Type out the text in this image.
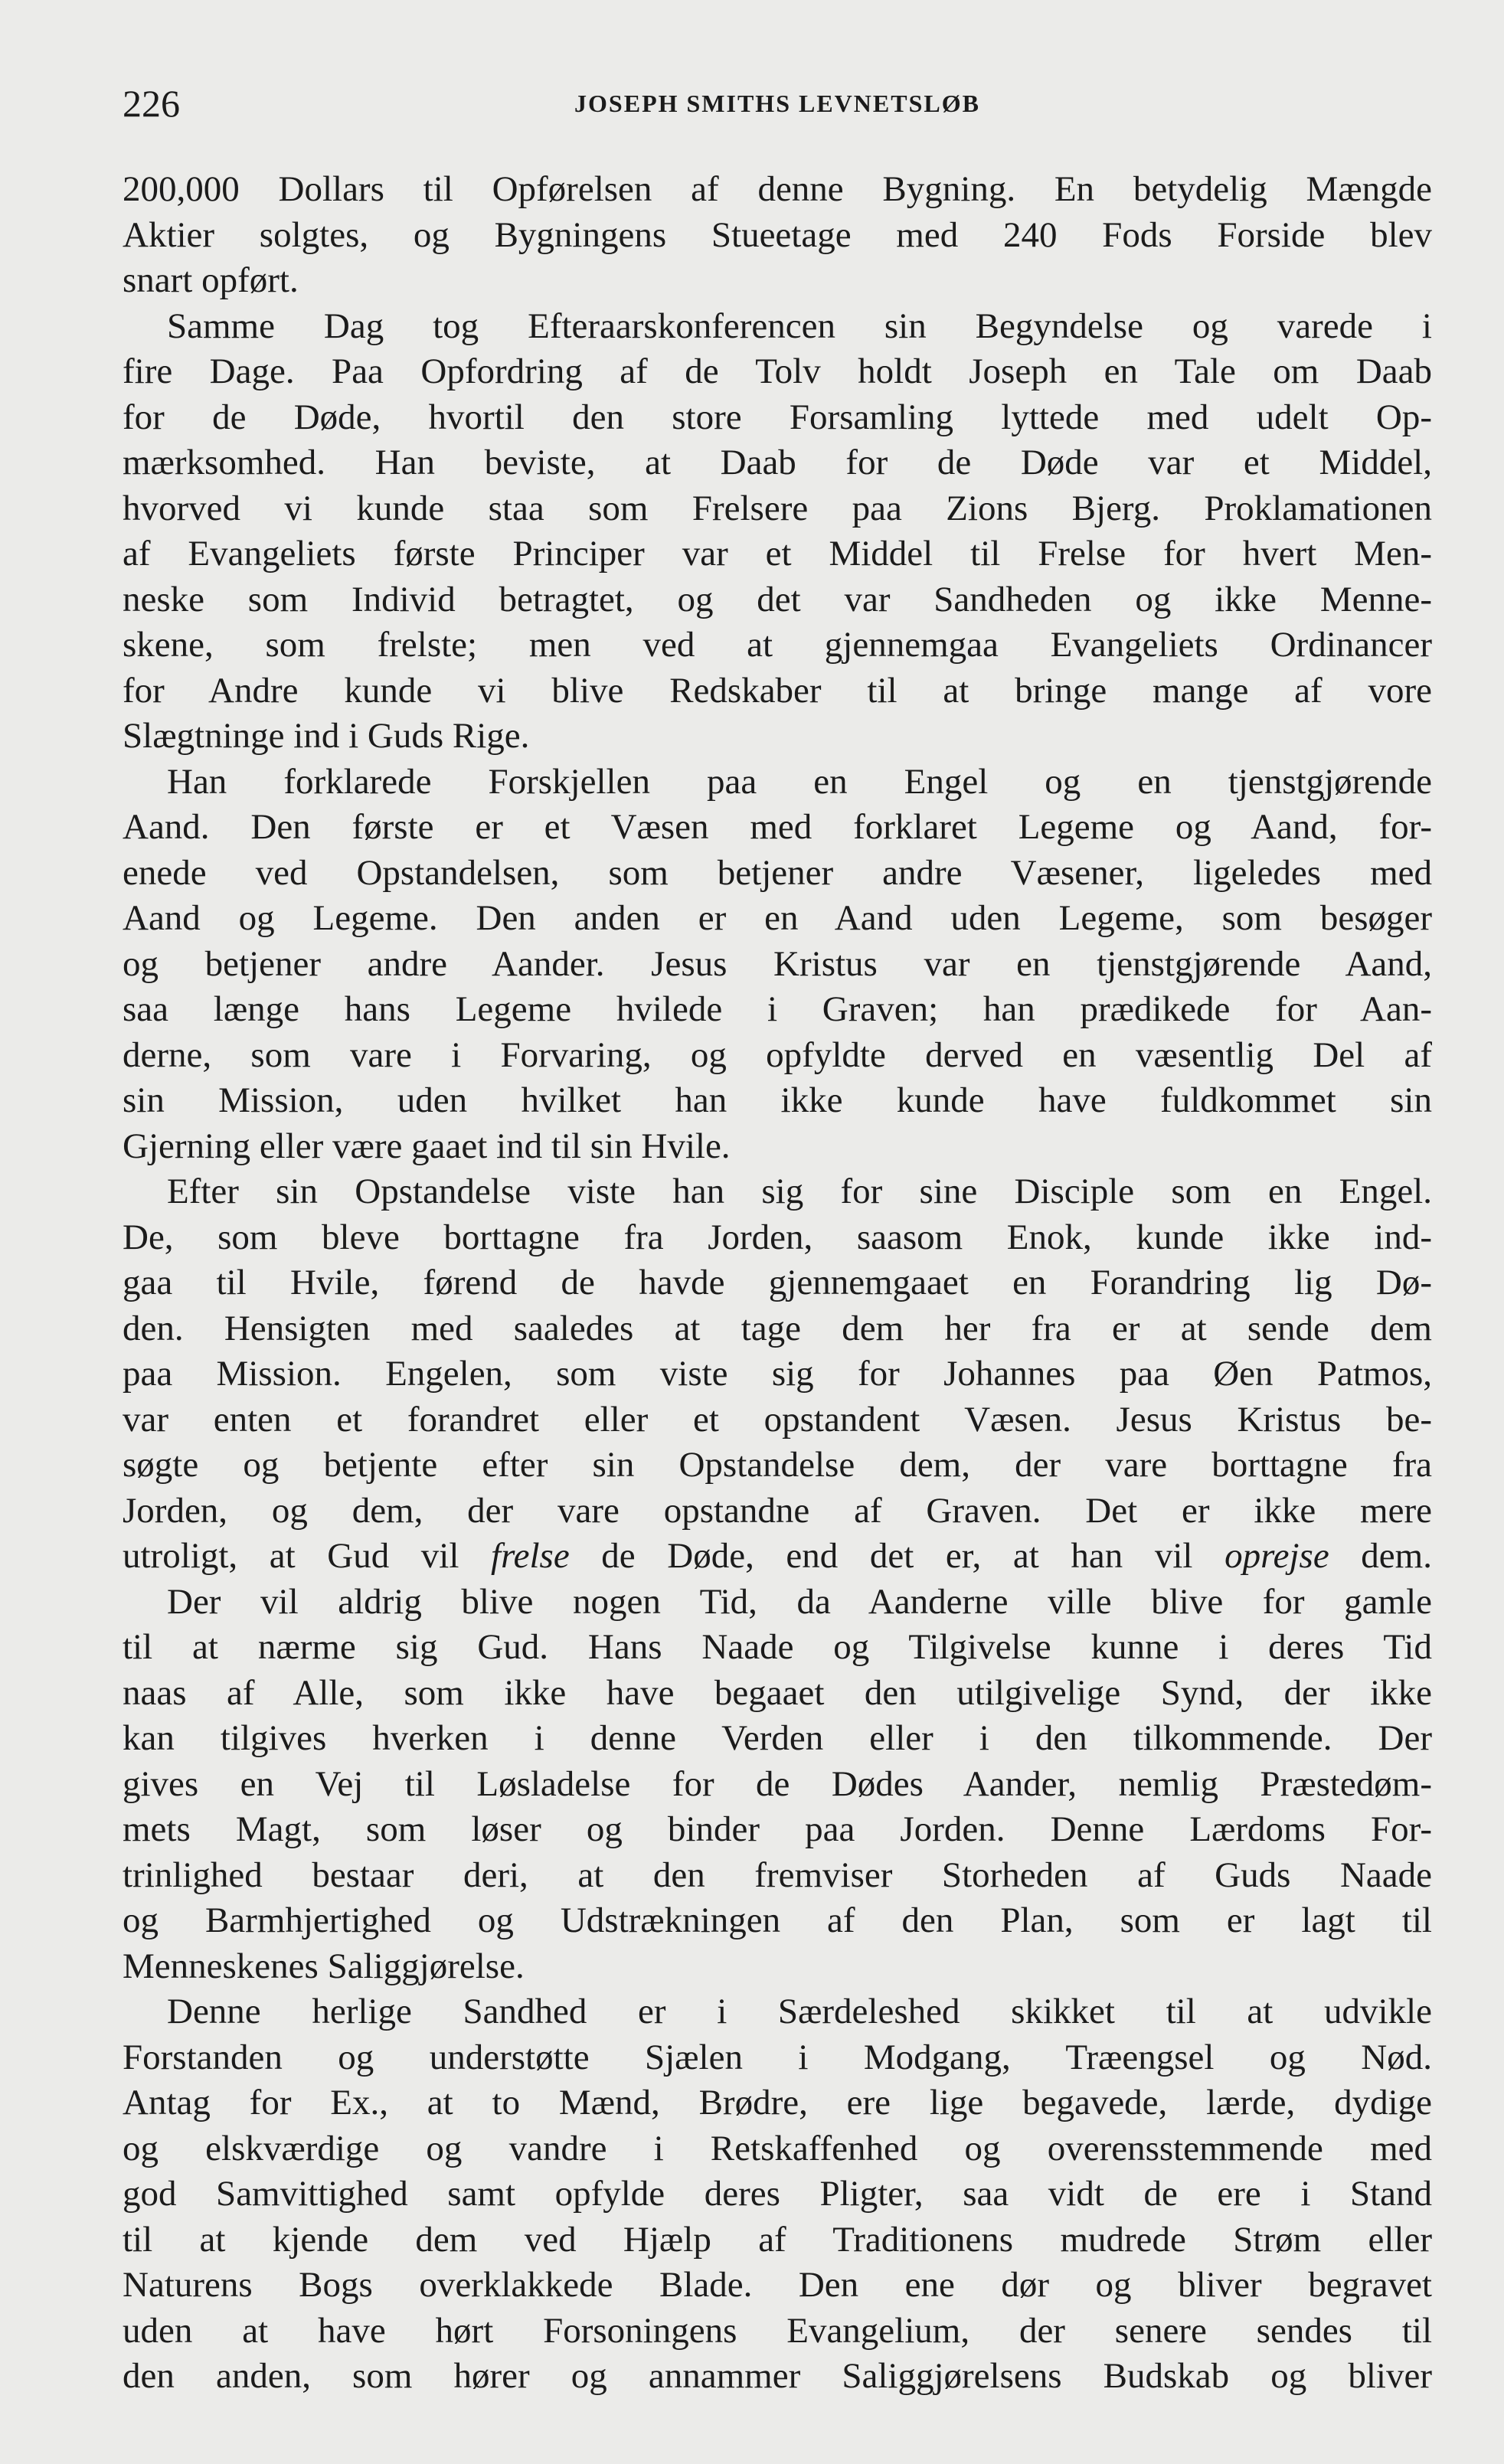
226	JOSEPH SMITHS LEVNETSLØB
200,000 Dollars til Opførelsen af denne Bygning. En betydelig Mængde
Aktier solgtes, og Bygningens Stueetage med 240 Fods Forside blev
snart opført.
Samme Dag tog Efteraarskonferencen sin Begyndelse og varede i
fire Dage. Paa Opfordring af de Tolv holdt Joseph en Tale om Daab
for de Døde, hvortil den store Forsamling lyttede med udelt Op-
mærksomhed. Han beviste, at Daab for de Døde var et Middel,
hvorved vi kunde staa som Frelsere paa Zions Bjerg. Proklamationen
af Evangeliets første Principer var et Middel til Frelse for hvert Men-
neske som Individ betragtet, og det var Sandheden og ikke Menne-
skene, som frelste; men ved at gjennemgaa Evangeliets Ordinancer
for Andre kunde vi blive Redskaber til at bringe mange af vore
Slægtninge ind i Guds Rige.
Han forklarede Forskjellen paa en Engel og en tjenstgjørende
Aand. Den første er et Væsen med forklaret Legeme og Aand, for-
enede ved Opstandelsen, som betjener andre Væsener, ligeledes med
Aand og Legeme. Den anden er en Aand uden Legeme, som besøger
og betjener andre Aander. Jesus Kristus var en tjenstgjørende Aand,
saa længe hans Legeme hvilede i Graven; han prædikede for Aan-
derne, som vare i Forvaring, og opfyldte derved en væsentlig Del af
sin Mission, uden hvilket han ikke kunde have fuldkommet sin
Gjerning eller være gaaet ind til sin Hvile.
Efter sin Opstandelse viste han sig for sine Disciple som en Engel.
De, som bleve borttagne fra Jorden, saasom Enok, kunde ikke ind-
gaa til Hvile, førend de havde gjennemgaaet en Forandring lig Dø-
den. Hensigten med saaledes at tage dem her fra er at sende dem
paa Mission. Engelen, som viste sig for Johannes paa Øen Patmos,
var enten et forandret eller et opstandent Væsen. Jesus Kristus be-
søgte og betjente efter sin Opstandelse dem, der vare borttagne fra
Jorden, og dem, der vare opstandne af Graven. Det er ikke mere
utroligt, at Gud vil frelse de Døde, end det er, at han vil oprejse dem.
Der vil aldrig blive nogen Tid, da Aanderne ville blive for gamle
til at nærme sig Gud. Hans Naade og Tilgivelse kunne i deres Tid
naas af Alle, som ikke have begaaet den utilgivelige Synd, der ikke
kan tilgives hverken i denne Verden eller i den tilkommende. Der
gives en Vej til Løsladelse for de Dødes Aander, nemlig Præstedøm-
mets Magt, som løser og binder paa Jorden. Denne Lærdoms For-
trinlighed bestaar deri, at den fremviser Storheden af Guds Naade
og Barmhjertighed og Udstrækningen af den Plan, som er lagt til
Menneskenes Saliggjørelse.
Denne herlige Sandhed er i Særdeleshed skikket til at udvikle
Forstanden og understøtte Sjælen i Modgang, Træengsel og Nød.
Antag for Ex., at to Mænd, Brødre, ere lige begavede, lærde, dydige
og elskværdige og vandre i Retskaffenhed og overensstemmende med
god Samvittighed samt opfylde deres Pligter, saa vidt de ere i Stand
til at kjende dem ved Hjælp af Traditionens mudrede Strøm eller
Naturens Bogs overklakkede Blade. Den ene dør og bliver begravet
uden at have hørt Forsoningens Evangelium, der senere sendes til
den anden, som hører og annammer Saliggjørelsens Budskab og bliver
